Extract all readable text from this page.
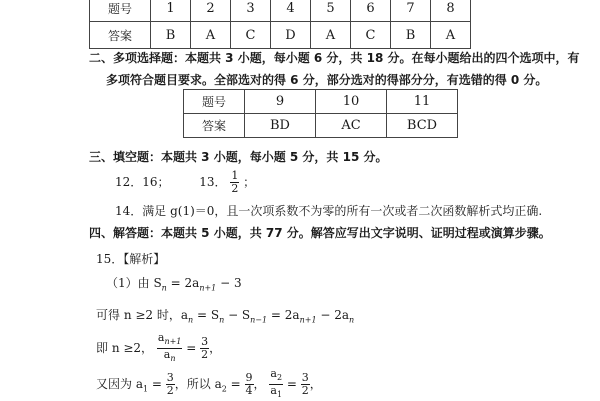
题号	1	2	3	4	5	6	7	8
答案	B	A	C	D	A	C	B	A
二、多项选择题：本题共 3 小题，每小题 6 分，共 18 分。在每小题给出的四个选项中，有
多项符合题目要求。全部选对的得 6 分，部分选对的得部分分，有选错的得 0 分。
题号	9	10	11
答案	BD	AC	BCD
三、填空题：本题共 3 小题，每小题 5 分，共 15 分。
12．16； 13． $\frac{1}{2}$ ；
14．满足 g(1)＝0，且一次项系数不为零的所有一次或者二次函数解析式均正确.
四、解答题：本题共 5 小题，共 77 分。解答应写出文字说明、证明过程或演算步骤。
15．【解析】
（1）由 $S_n = 2a_{n+1} - 3$
可得 n ≥2 时，$a_n = S_n - S_{n-1} = 2a_{n+1} - 2a_n$
即 n ≥2， $\frac{a_{n+1}}{a_n} = \frac{3}{2}$ ，
又因为 $a_1 = \frac{3}{2}$ ，所以 $a_2 = \frac{9}{4}$ ， $\frac{a_2}{a_1} = \frac{3}{2}$ ，
